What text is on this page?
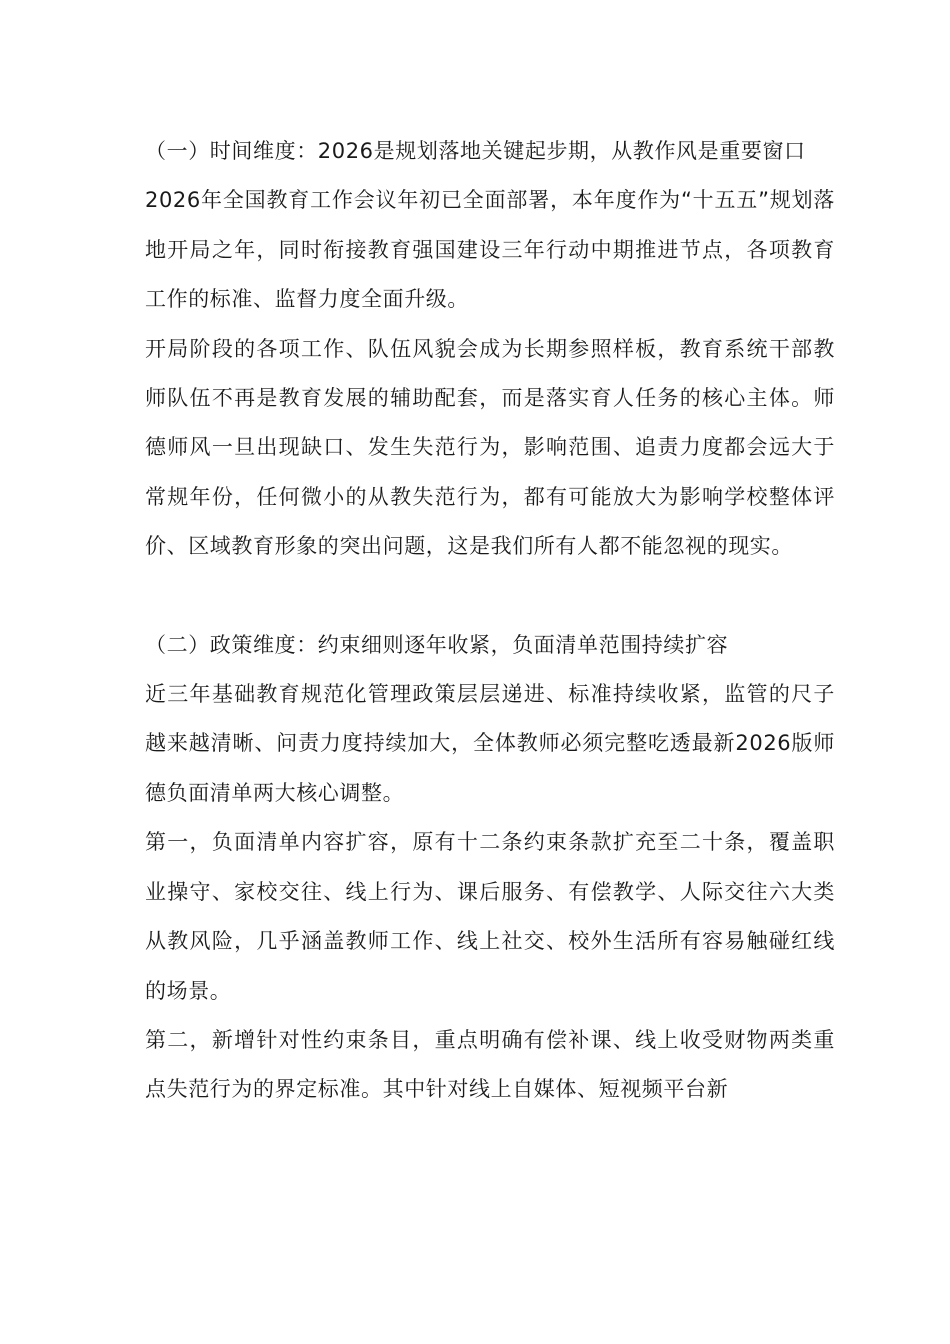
（一）时间维度：2026是规划落地关键起步期，从教作风是重要窗口

2026年全国教育工作会议年初已全面部署，本年度作为“十五五”规划落地开局之年，同时衔接教育强国建设三年行动中期推进节点，各项教育工作的标准、监督力度全面升级。

开局阶段的各项工作、队伍风貌会成为长期参照样板，教育系统干部教师队伍不再是教育发展的辅助配套，而是落实育人任务的核心主体。师德师风一旦出现缺口、发生失范行为，影响范围、追责力度都会远大于常规年份，任何微小的从教失范行为，都有可能放大为影响学校整体评价、区域教育形象的突出问题，这是我们所有人都不能忽视的现实。

（二）政策维度：约束细则逐年收紧，负面清单范围持续扩容

近三年基础教育规范化管理政策层层递进、标准持续收紧，监管的尺子越来越清晰、问责力度持续加大，全体教师必须完整吃透最新2026版师德负面清单两大核心调整。

第一，负面清单内容扩容，原有十二条约束条款扩充至二十条，覆盖职业操守、家校交往、线上行为、课后服务、有偿教学、人际交往六大类从教风险，几乎涵盖教师工作、线上社交、校外生活所有容易触碰红线的场景。

第二，新增针对性约束条目，重点明确有偿补课、线上收受财物两类重点失范行为的界定标准。其中针对线上自媒体、短视频平台新
